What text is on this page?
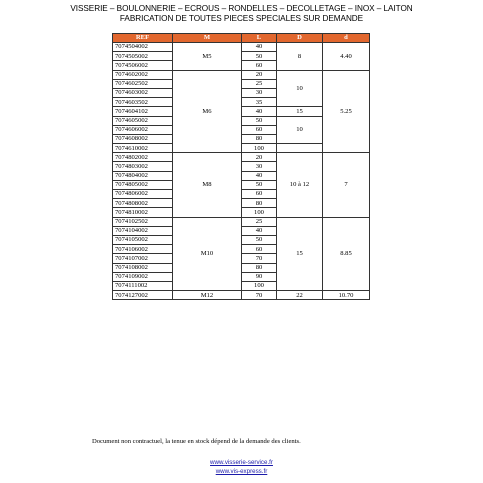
VISSERIE – BOULONNERIE – ECROUS – RONDELLES – DECOLLETAGE – INOX – LAITON
FABRICATION DE TOUTES PIECES SPECIALES SUR DEMANDE
REF	M	L	D	d
7074504002	M5	40	8	4.40
7074505002		50		
7074506002		60		
7074602002	M6	20	10	5.25
7074602502		25		
7074603002		30		
7074603502		35		
7074604102		40	15	
7074605002		50	10	
7074606002		60		
7074608002		80		
7074610002		100		
7074802002	M8	20	10 à 12	7
7074803002		30		
7074804002		40		
7074805002		50		
7074806002		60		
7074808002		80		
7074810002		100		
7074102502	M10	25	15	8.85
7074104002		40		
7074105002		50		
7074106002		60		
7074107002		70		
7074108002		80		
7074109002		90		
7074111002		100		
7074127002	M12	70	22	10.70
Document non contractuel, la tenue en stock dépend de la demande des clients.
www.visserie-service.fr
www.vis-express.fr
